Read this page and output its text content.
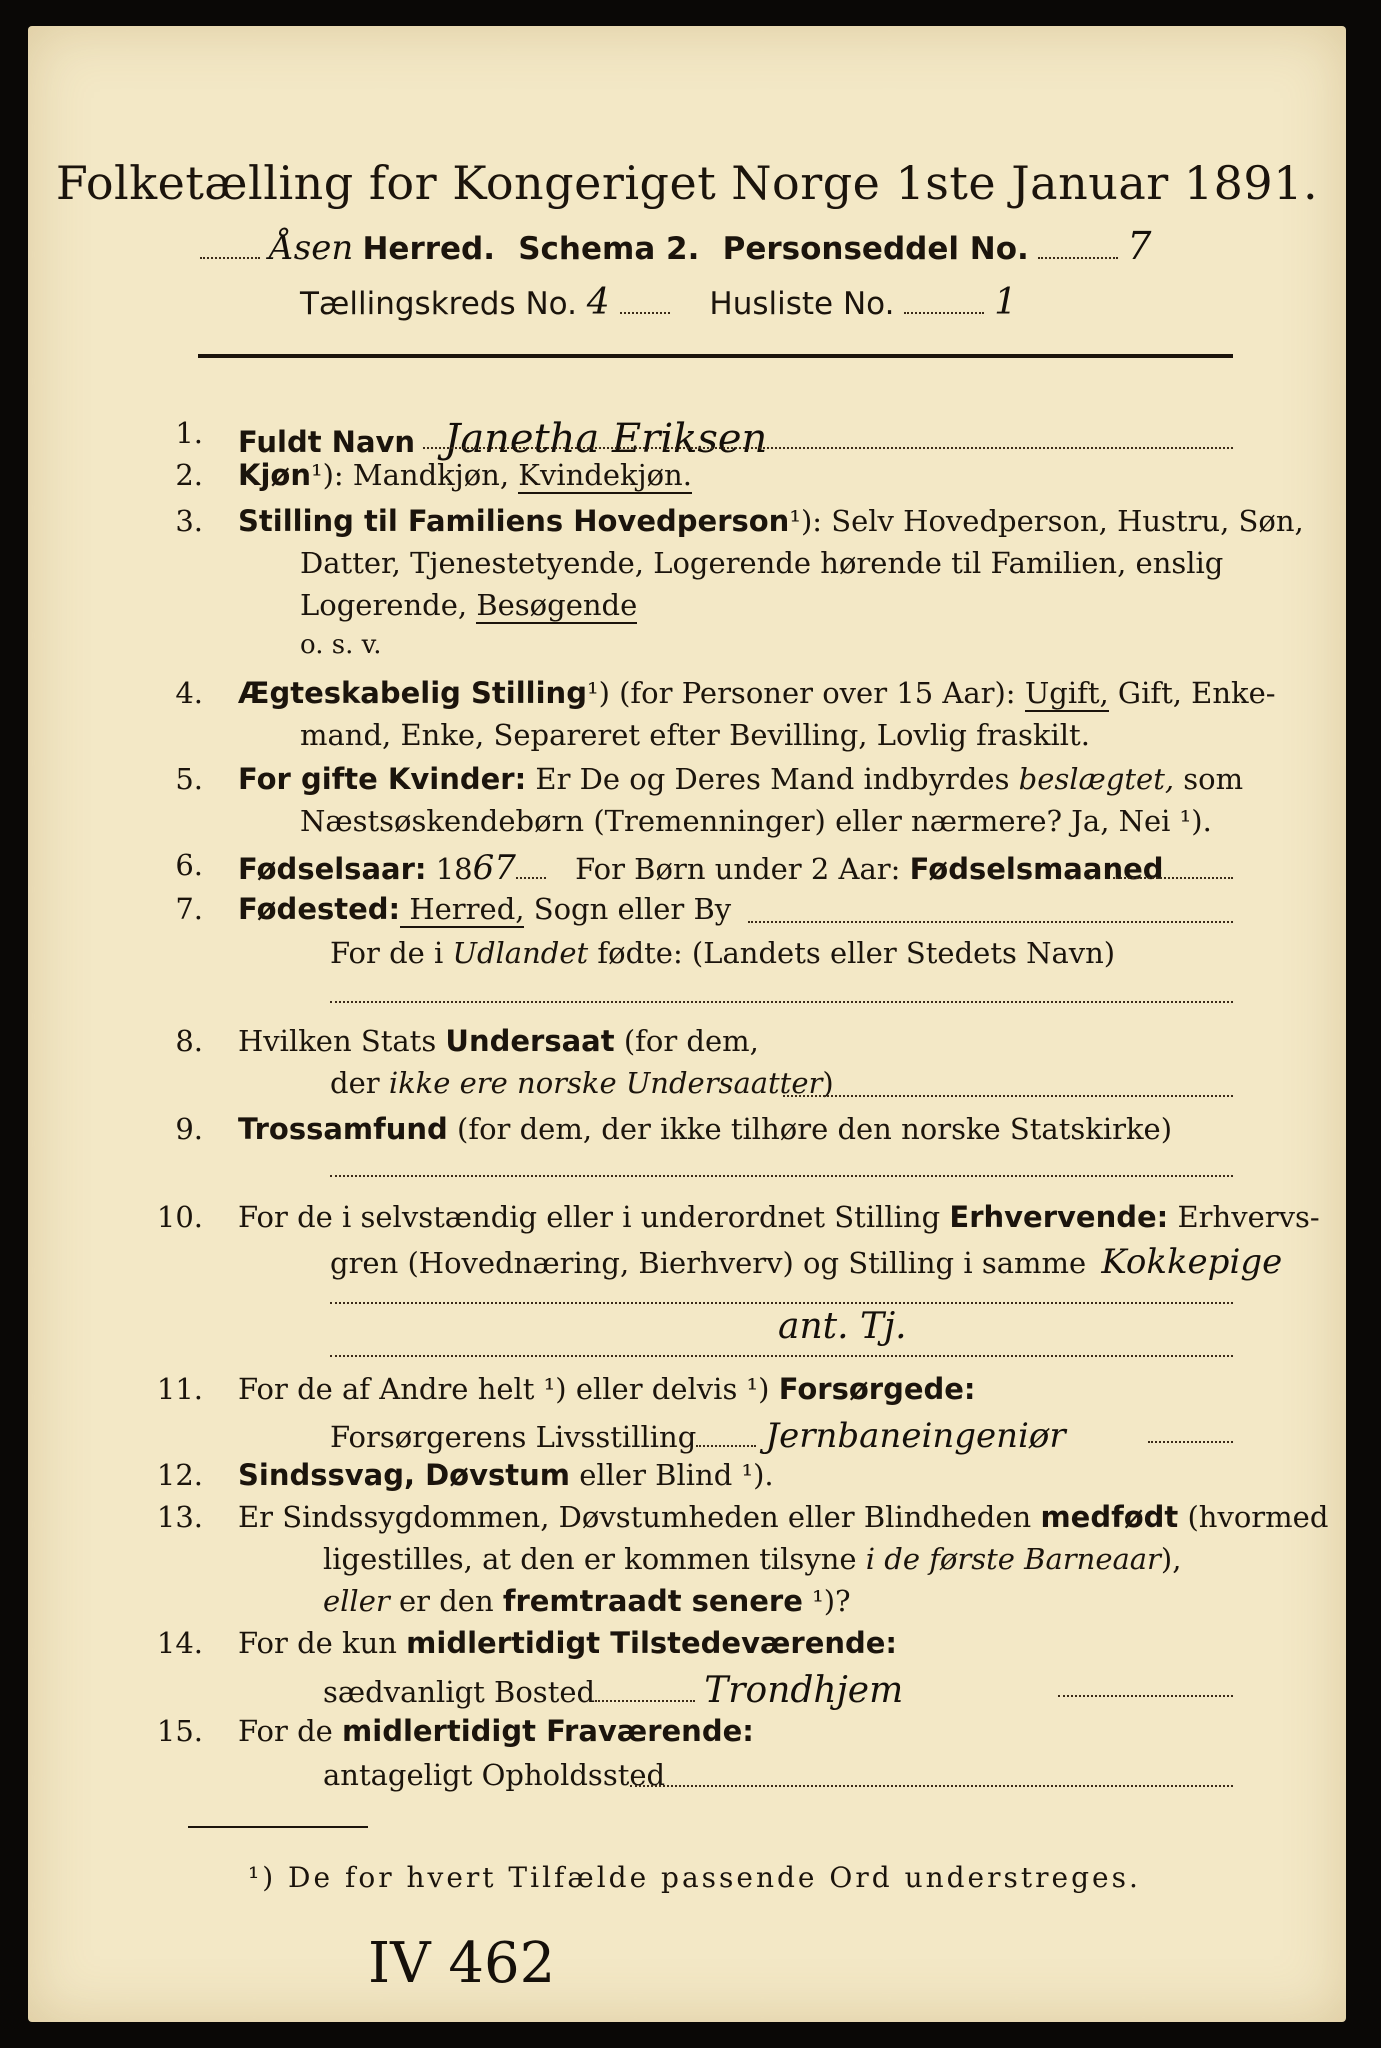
Folketælling for Kongeriget Norge 1ste Januar 1891.
Åsen Herred. Schema 2. Personseddel No.	7
Tællingskreds No. 4	Husliste No.	1
1. Fuldt Navn Janetha Eriksen
2. Kjøn¹): Mandkjøn, Kvindekjøn.
3. Stilling til Familiens Hovedperson¹): Selv Hovedperson, Hustru, Søn,
Datter, Tjenestetyende, Logerende hørende til Familien, enslig
Logerende, Besøgende
o. s. v.
4. Ægteskabelig Stilling¹) (for Personer over 15 Aar): Ugift, Gift, Enke-
mand, Enke, Separeret efter Bevilling, Lovlig fraskilt.
5. For gifte Kvinder: Er De og Deres Mand indbyrdes beslægtet, som
Næstsøskendebørn (Tremenninger) eller nærmere? Ja, Nei ¹).
6. Fødselsaar: 1867 For Børn under 2 Aar: Fødselsmaaned
7. Fødested: Herred, Sogn eller By
For de i Udlandet fødte: (Landets eller Stedets Navn)
8. Hvilken Stats Undersaat (for dem,
der ikke ere norske Undersaatter)
9. Trossamfund (for dem, der ikke tilhøre den norske Statskirke)
10. For de i selvstændig eller i underordnet Stilling Erhvervende: Erhvervs-
gren (Hovednæring, Bierhverv) og Stilling i samme Kokkepige
ant. Tj.
11. For de af Andre helt ¹) eller delvis ¹) Forsørgede:
Forsørgerens Livsstilling Jernbaneingeniør
12. Sindssvag, Døvstum eller Blind ¹).
13. Er Sindssygdommen, Døvstumheden eller Blindheden medfødt (hvormed
ligestilles, at den er kommen tilsyne i de første Barneaar),
eller er den fremtraadt senere ¹)?
14. For de kun midlertidigt Tilstedeværende:
sædvanligt Bosted	Trondhjem
15. For de midlertidigt Fraværende:
antageligt Opholdssted
¹) De for hvert Tilfælde passende Ord understreges.
IV 462
